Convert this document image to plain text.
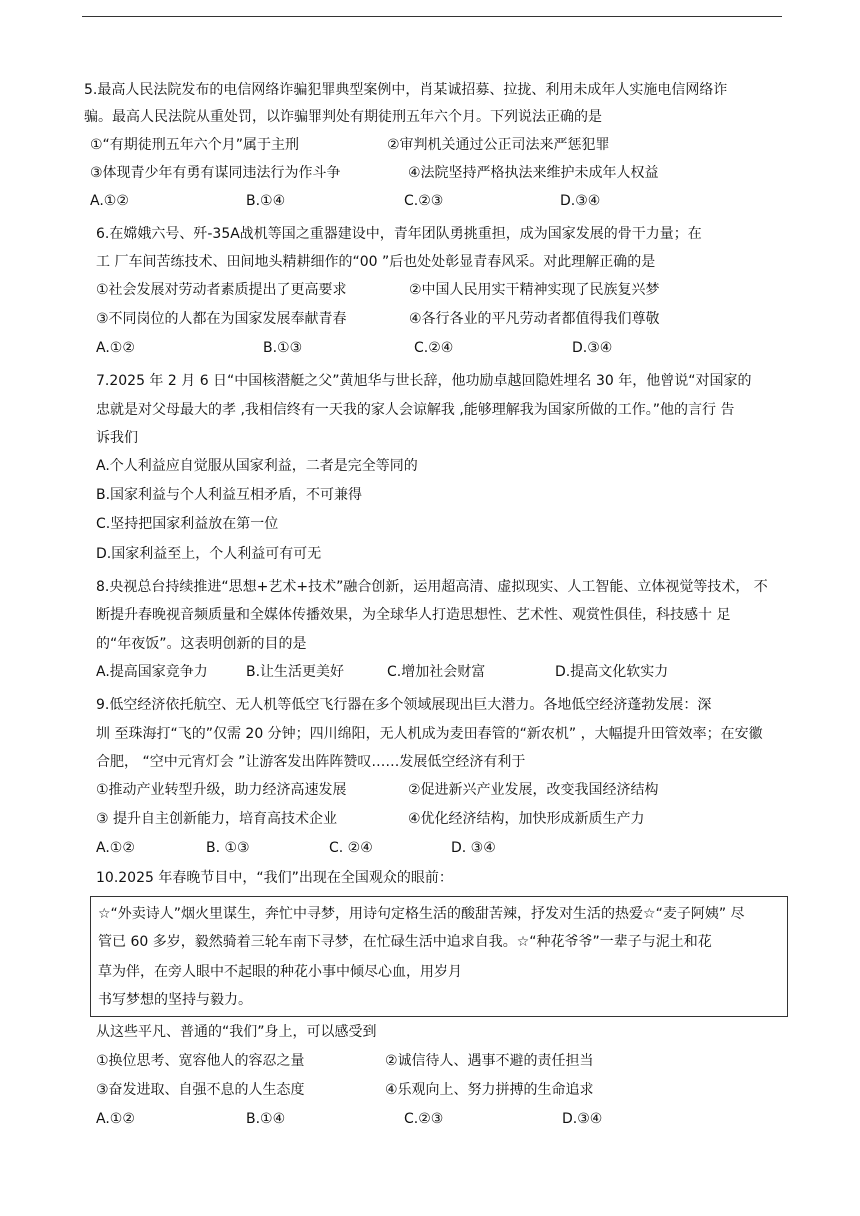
5.最高人民法院发布的电信网络诈骗犯罪典型案例中，肖某诚招募、拉拢、利用未成年人实施电信网络诈
骗。最高人民法院从重处罚，以诈骗罪判处有期徒刑五年六个月。下列说法正确的是
①“有期徒刑五年六个月”属于主刑	②审判机关通过公正司法来严惩犯罪
③体现青少年有勇有谋同违法行为作斗争	④法院坚持严格执法来维护未成年人权益
A.①②	B.①④	C.②③	D.③④
6.在嫦娥六号、歼-35A战机等国之重器建设中，青年团队勇挑重担，成为国家发展的骨干力量；在
工 厂车间苦练技术、田间地头精耕细作的“00 ”后也处处彰显青春风采。对此理解正确的是
①社会发展对劳动者素质提出了更高要求	②中国人民用实干精神实现了民族复兴梦
③不同岗位的人都在为国家发展奉献青春	④各行各业的平凡劳动者都值得我们尊敬
A.①②	B.①③	C.②④	D.③④
7.2025 年 2 月 6 日“中国核潜艇之父”黄旭华与世长辞，他功励卓越回隐姓埋名 30 年，他曾说“对国家的
忠就是对父母最大的孝 ,我相信终有一天我的家人会谅解我 ,能够理解我为国家所做的工作。”他的言行 告
诉我们
A.个人利益应自觉服从国家利益，二者是完全等同的
B.国家利益与个人利益互相矛盾，不可兼得
C.坚持把国家利益放在第一位
D.国家利益至上，个人利益可有可无
8.央视总台持续推进“思想+艺术+技术”融合创新，运用超高清、虚拟现实、人工智能、立体视觉等技术， 不
断提升春晚视音频质量和全媒体传播效果，为全球华人打造思想性、艺术性、观赏性俱佳，科技感十 足
的“年夜饭”。这表明创新的目的是
A.提高国家竞争力	B.让生活更美好	C.增加社会财富	D.提高文化软实力
9.低空经济依托航空、无人机等低空飞行器在多个领域展现出巨大潜力。各地低空经济蓬勃发展：深
圳 至珠海打“飞的”仅需 20 分钟；四川绵阳，无人机成为麦田春管的“新农机” ，大幅提升田管效率；在安徽
合肥， “空中元宵灯会 ”让游客发出阵阵赞叹……发展低空经济有利于
①推动产业转型升级，助力经济高速发展	②促进新兴产业发展，改变我国经济结构
③ 提升自主创新能力，培育高技术企业	④优化经济结构，加快形成新质生产力
A.①②	B. ①③	C. ②④	D. ③④
10.2025 年春晚节目中，“我们”出现在全国观众的眼前：
☆“外卖诗人”烟火里谋生，奔忙中寻梦，用诗句定格生活的酸甜苦辣，抒发对生活的热爱☆“麦子阿姨” 尽
管已 60 多岁，毅然骑着三轮车南下寻梦，在忙碌生活中追求自我。☆“种花爷爷”一辈子与泥土和花
草为伴，在旁人眼中不起眼的种花小事中倾尽心血，用岁月
书写梦想的坚持与毅力。
从这些平凡、普通的“我们”身上，可以感受到
①换位思考、宽容他人的容忍之量	②诚信待人、遇事不避的责任担当
③奋发进取、自强不息的人生态度	④乐观向上、努力拼搏的生命追求
A.①②	B.①④	C.②③	D.③④
